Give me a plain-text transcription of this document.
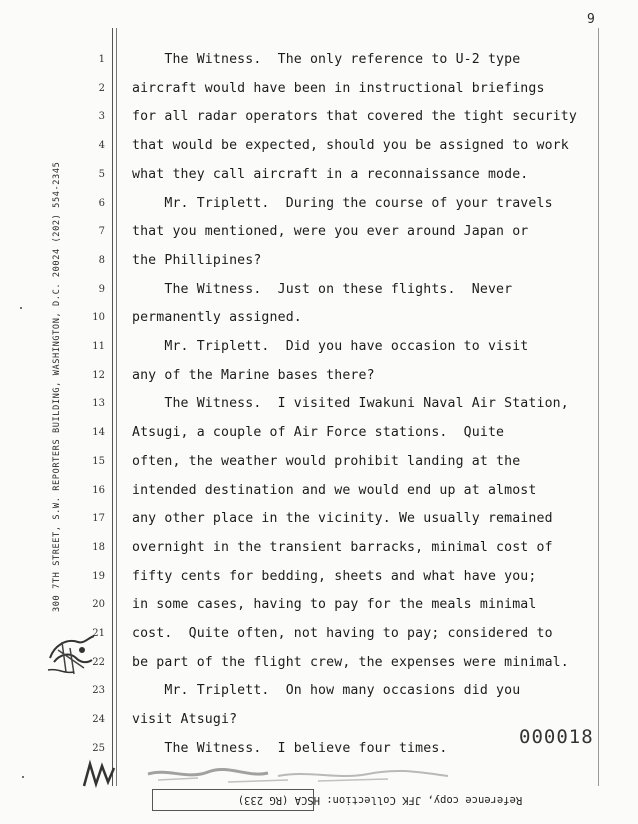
9
300 7TH STREET, S.W. REPORTERS BUILDING, WASHINGTON, D.C. 20024 (202) 554-2345
1
2
3
4
5
6
7
8
9
10
11
12
13
14
15
16
17
18
19
20
21
22
23
24
25
The Witness.  The only reference to U-2 type
aircraft would have been in instructional briefings
for all radar operators that covered the tight security
that would be expected, should you be assigned to work
what they call aircraft in a reconnaissance mode.
Mr. Triplett.  During the course of your travels
that you mentioned, were you ever around Japan or
the Phillipines?
The Witness.  Just on these flights.  Never
permanently assigned.
Mr. Triplett.  Did you have occasion to visit
any of the Marine bases there?
The Witness.  I visited Iwakuni Naval Air Station,
Atsugi, a couple of Air Force stations.  Quite
often, the weather would prohibit landing at the
intended destination and we would end up at almost
any other place in the vicinity. We usually remained
overnight in the transient barracks, minimal cost of
fifty cents for bedding, sheets and what have you;
in some cases, having to pay for the meals minimal
cost.  Quite often, not having to pay; considered to
be part of the flight crew, the expenses were minimal.
Mr. Triplett.  On how many occasions did you
visit Atsugi?
The Witness.  I believe four times.
000018
Reference copy, JFK Collection: HSCA (RG 233)
